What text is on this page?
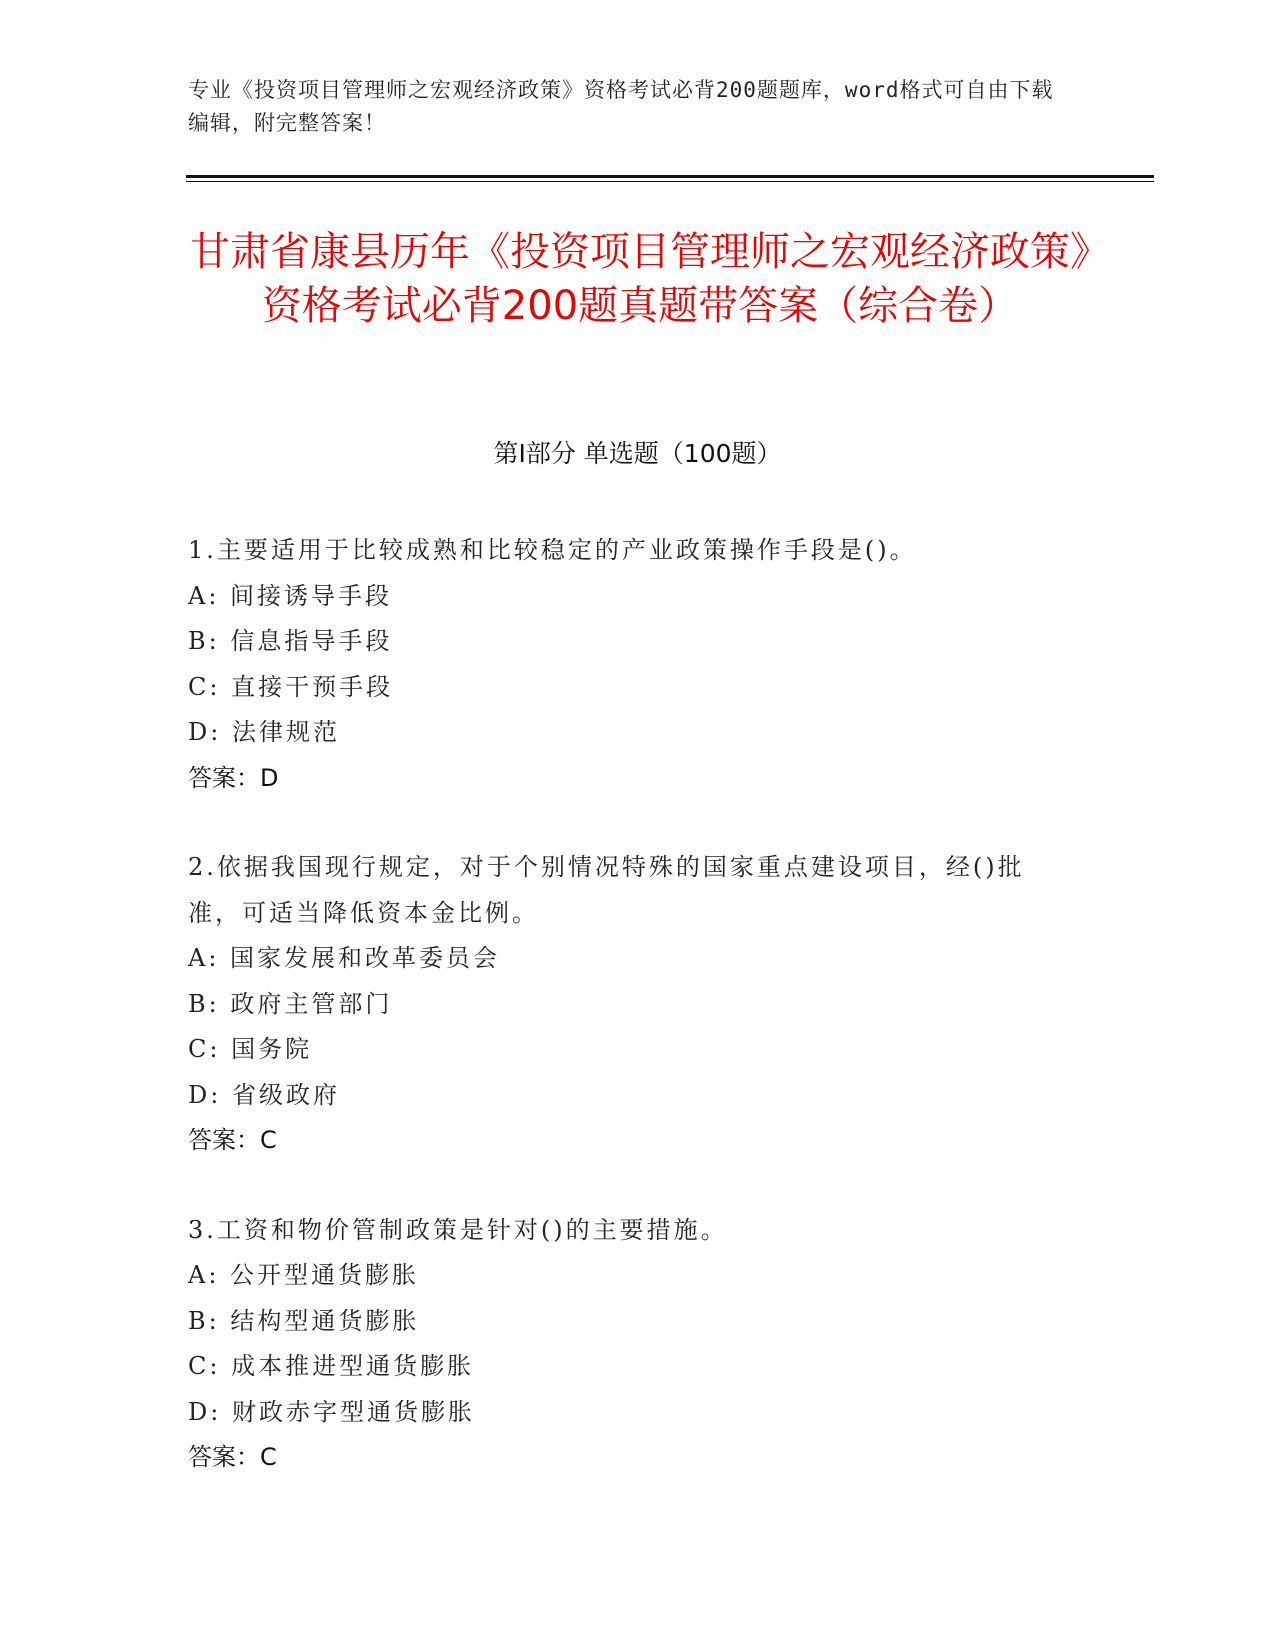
专业《投资项目管理师之宏观经济政策》资格考试必背200题题库，word格式可自由下载编辑，附完整答案！
甘肃省康县历年《投资项目管理师之宏观经济政策》资格考试必背200题真题带答案（综合卷）
第I部分 单选题（100题）
1.主要适用于比较成熟和比较稳定的产业政策操作手段是()。
A: 间接诱导手段
B: 信息指导手段
C: 直接干预手段
D: 法律规范
答案：D
2.依据我国现行规定，对于个别情况特殊的国家重点建设项目，经()批准，可适当降低资本金比例。
A: 国家发展和改革委员会
B: 政府主管部门
C: 国务院
D: 省级政府
答案：C
3.工资和物价管制政策是针对()的主要措施。
A: 公开型通货膨胀
B: 结构型通货膨胀
C: 成本推进型通货膨胀
D: 财政赤字型通货膨胀
答案：C
